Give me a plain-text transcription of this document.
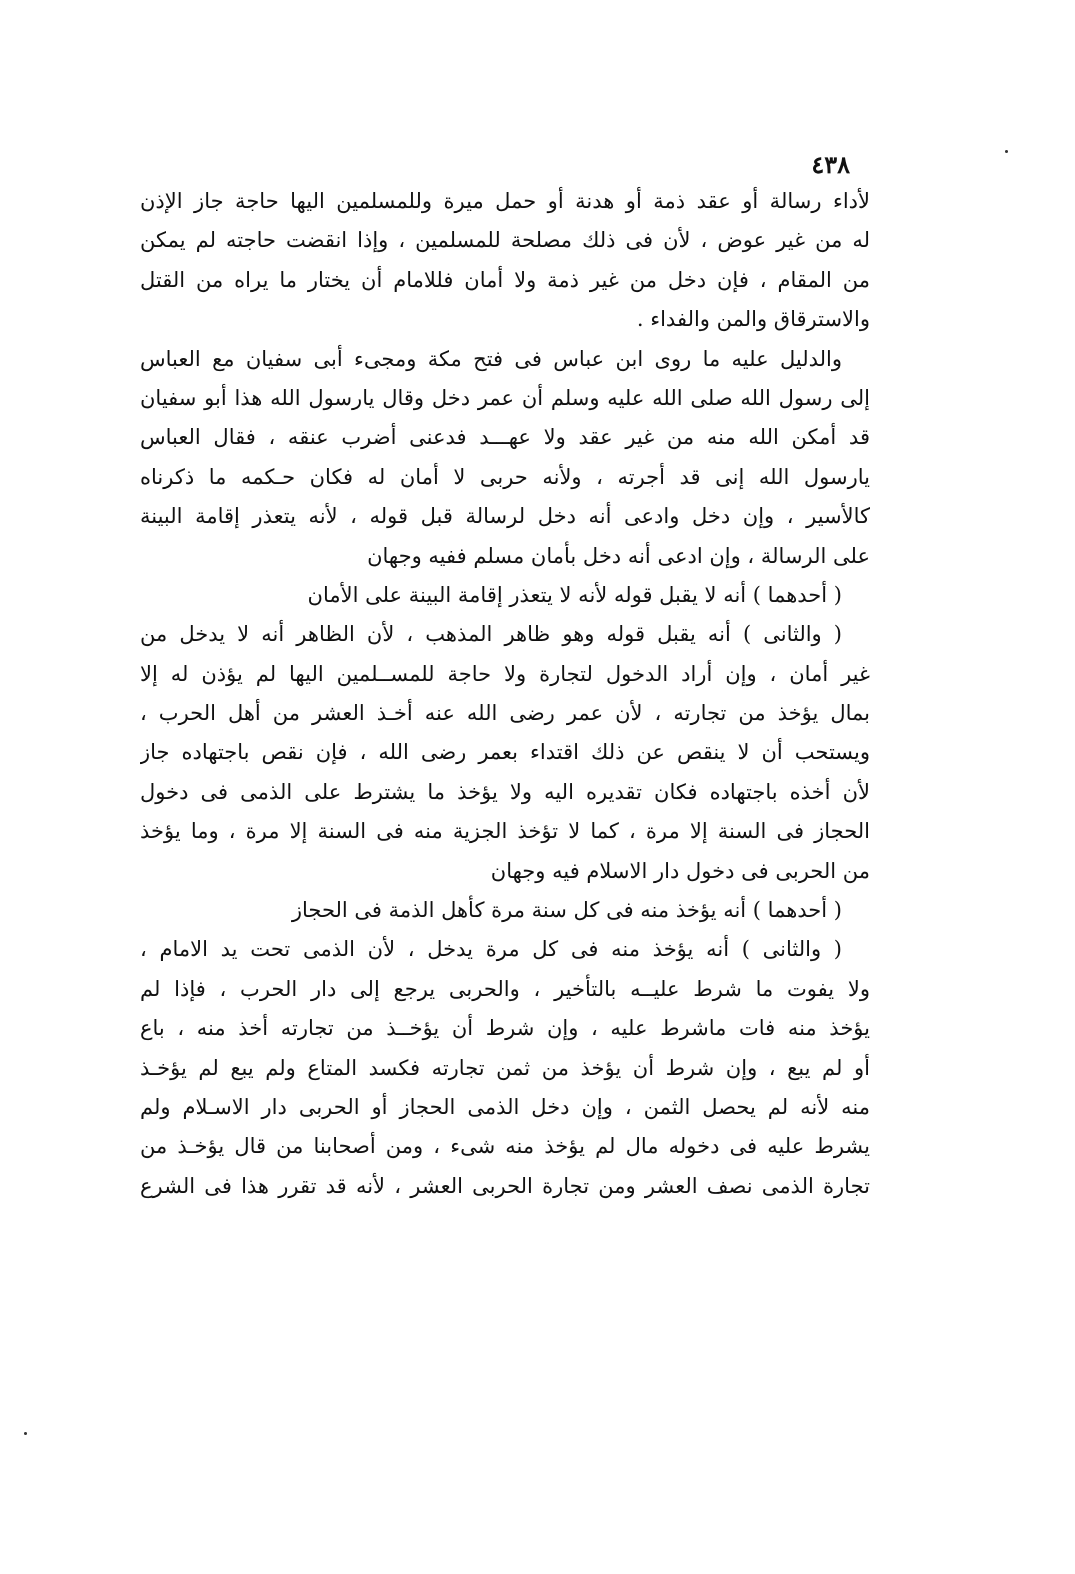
٤٣٨
لأداء رسالة أو عقد ذمة أو هدنة أو حمل ميرة وللمسلمين اليها حاجة جاز الإذن
له من غير عوض ، لأن فى ذلك مصلحة للمسلمين ، وإذا انقضت حاجته لم يمكن
من المقام ، فإن دخل من غير ذمة ولا أمان فللامام أن يختار ما يراه من القتل
والاسترقاق والمن والفداء .
والدليل عليه ما روى ابن عباس فى فتح مكة ومجىء أبى سفيان مع العباس
إلى رسول الله صلى الله عليه وسلم أن عمر دخل وقال يارسول الله هذا أبو سفيان
قد أمكن الله منه من غير عقد ولا عهـــد فدعنى أضرب عنقه ، فقال العباس
يارسول الله إنى قد أجرته ، ولأنه حربى لا أمان له فكان حـكمه ما ذكرناه
كالأسير ، وإن دخل وادعى أنه دخل لرسالة قبل قوله ، لأنه يتعذر إقامة البينة
على الرسالة ، وإن ادعى أنه دخل بأمان مسلم ففيه وجهان
( أحدهما ) أنه لا يقبل قوله لأنه لا يتعذر إقامة البينة على الأمان
( والثانى ) أنه يقبل قوله وهو ظاهر المذهب ، لأن الظاهر أنه لا يدخل من
غير أمان ، وإن أراد الدخول لتجارة ولا حاجة للمســلمين اليها لم يؤذن له إلا
بمال يؤخذ من تجارته ، لأن عمر رضى الله عنه أخـذ العشر من أهل الحرب ،
ويستحب أن لا ينقص عن ذلك اقتداء بعمر رضى الله ، فإن نقص باجتهاده جاز
لأن أخذه باجتهاده فكان تقديره اليه ولا يؤخذ ما يشترط على الذمى فى دخول
الحجاز فى السنة إلا مرة ، كما لا تؤخذ الجزية منه فى السنة إلا مرة ، وما يؤخذ
من الحربى فى دخول دار الاسلام فيه وجهان
( أحدهما ) أنه يؤخذ منه فى كل سنة مرة كأهل الذمة فى الحجاز
( والثانى ) أنه يؤخذ منه فى كل مرة يدخل ، لأن الذمى تحت يد الامام ،
ولا يفوت ما شرط عليــه بالتأخير ، والحربى يرجع إلى دار الحرب ، فإذا لم
يؤخذ منه فات ماشرط عليه ، وإن شرط أن يؤخــذ من تجارته أخذ منه ، باع
أو لم يبع ، وإن شرط أن يؤخذ من ثمن تجارته فكسد المتاع ولم يبع لم يؤخـذ
منه لأنه لم يحصل الثمن ، وإن دخل الذمى الحجاز أو الحربى دار الاسـلام ولم
يشرط عليه فى دخوله مال لم يؤخذ منه شىء ، ومن أصحابنا من قال يؤخـذ من
تجارة الذمى نصف العشر ومن تجارة الحربى العشر ، لأنه قد تقرر هذا فى الشرع
